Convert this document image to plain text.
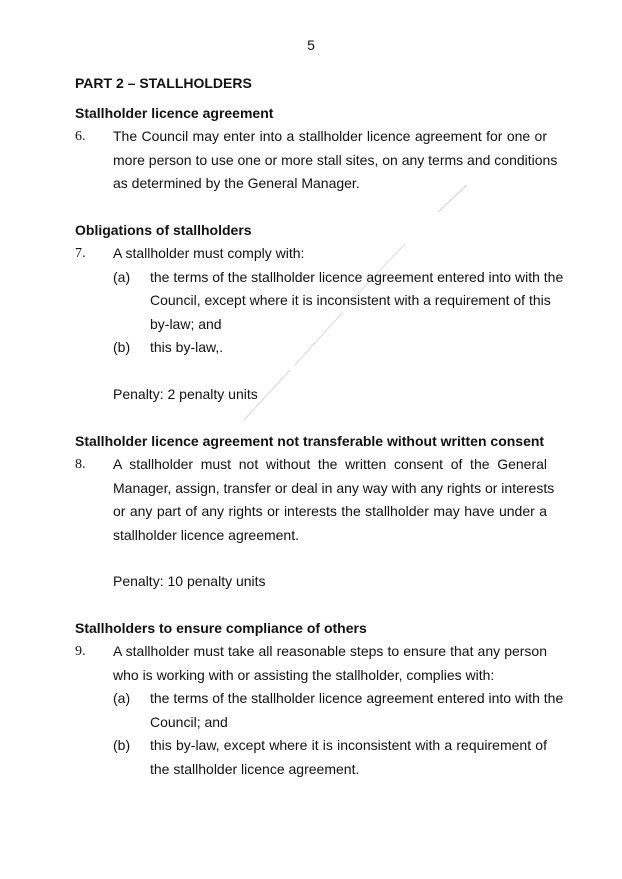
5
PART 2 – STALLHOLDERS
Stallholder licence agreement
6. The Council may enter into a stallholder licence agreement for one or
more person to use one or more stall sites, on any terms and conditions
as determined by the General Manager.
Obligations of stallholders
7. A stallholder must comply with:
(a) the terms of the stallholder licence agreement entered into with the
Council, except where it is inconsistent with a requirement of this
by-law; and
(b) this by-law,.
Penalty: 2 penalty units
Stallholder licence agreement not transferable without written consent
8. A stallholder must not without the written consent of the General
Manager, assign, transfer or deal in any way with any rights or interests
or any part of any rights or interests the stallholder may have under a
stallholder licence agreement.
Penalty: 10 penalty units
Stallholders to ensure compliance of others
9. A stallholder must take all reasonable steps to ensure that any person
who is working with or assisting the stallholder, complies with:
(a) the terms of the stallholder licence agreement entered into with the
Council; and
(b) this by-law, except where it is inconsistent with a requirement of
the stallholder licence agreement.
